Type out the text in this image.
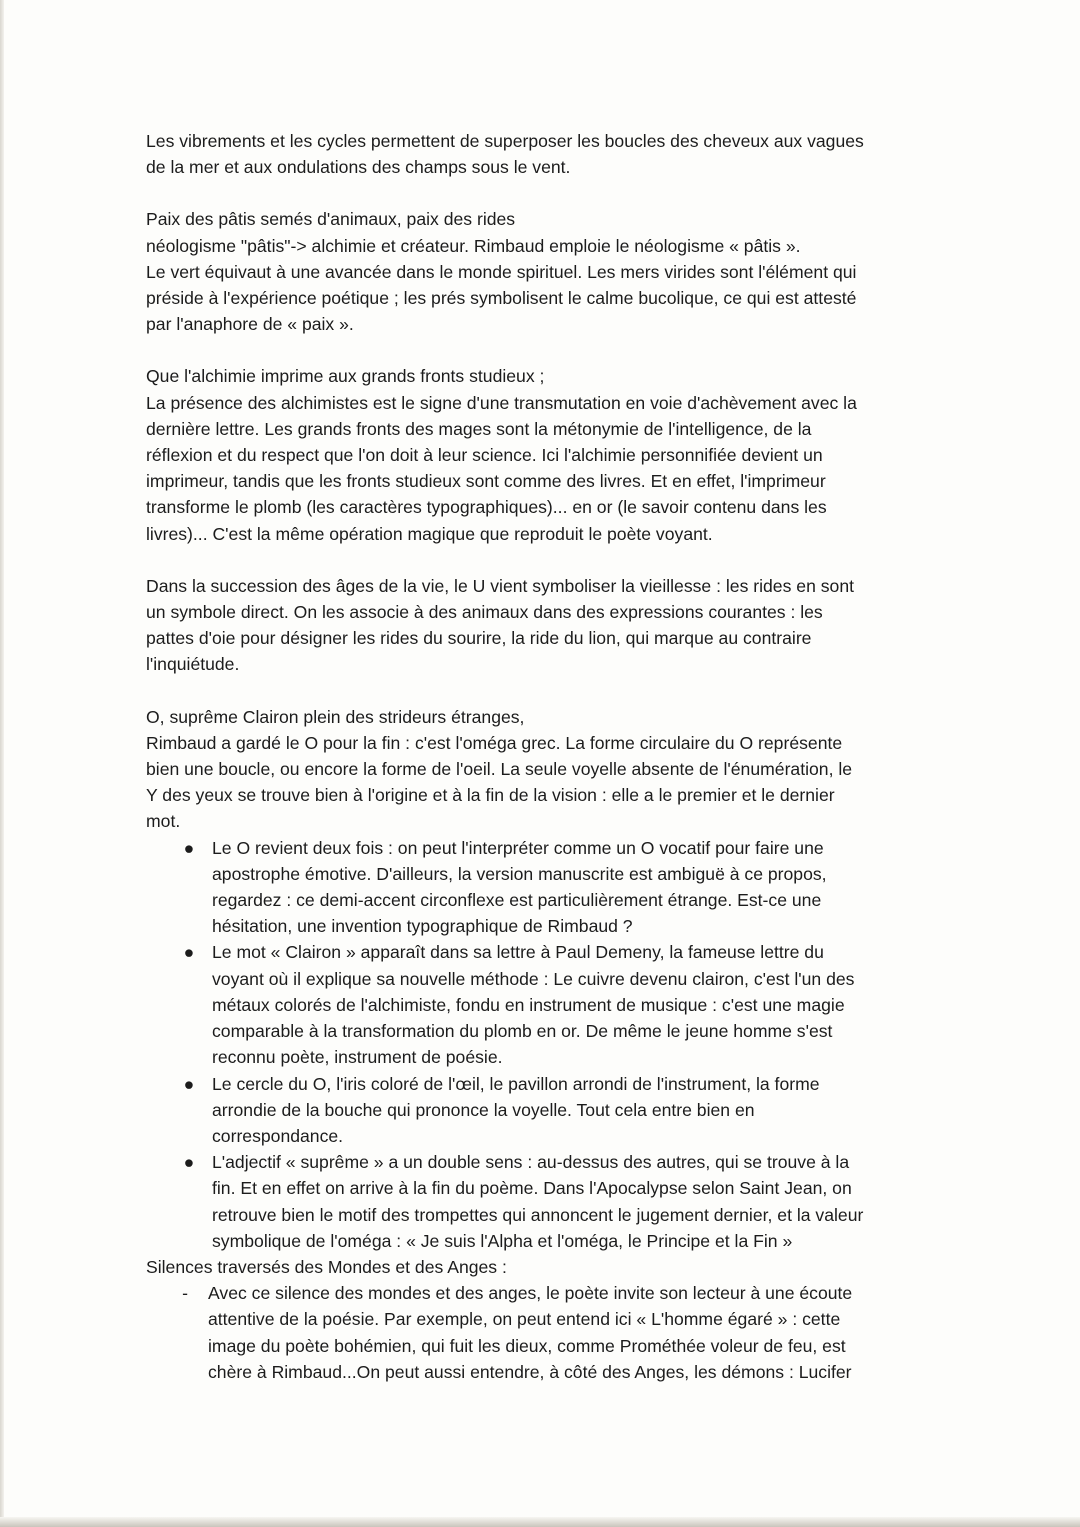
Les vibrements et les cycles permettent de superposer les boucles des cheveux aux vagues
de la mer et aux ondulations des champs sous le vent.
Paix des pâtis semés d'animaux, paix des rides
néologisme "pâtis"-> alchimie et créateur. Rimbaud emploie le néologisme « pâtis ».
Le vert équivaut à une avancée dans le monde spirituel. Les mers virides sont l'élément qui
préside à l'expérience poétique ; les prés symbolisent le calme bucolique, ce qui est attesté
par l'anaphore de « paix ».
Que l'alchimie imprime aux grands fronts studieux ;
La présence des alchimistes est le signe d'une transmutation en voie d'achèvement avec la
dernière lettre. Les grands fronts des mages sont la métonymie de l'intelligence, de la
réflexion et du respect que l'on doit à leur science. Ici l'alchimie personnifiée devient un
imprimeur, tandis que les fronts studieux sont comme des livres. Et en effet, l'imprimeur
transforme le plomb (les caractères typographiques)... en or (le savoir contenu dans les
livres)... C'est la même opération magique que reproduit le poète voyant.
Dans la succession des âges de la vie, le U vient symboliser la vieillesse : les rides en sont
un symbole direct. On les associe à des animaux dans des expressions courantes : les
pattes d'oie pour désigner les rides du sourire, la ride du lion, qui marque au contraire
l'inquiétude.
O, suprême Clairon plein des strideurs étranges,
Rimbaud a gardé le O pour la fin : c'est l'oméga grec. La forme circulaire du O représente
bien une boucle, ou encore la forme de l'oeil. La seule voyelle absente de l'énumération, le
Y des yeux se trouve bien à l'origine et à la fin de la vision : elle a le premier et le dernier
mot.
● Le O revient deux fois : on peut l'interpréter comme un O vocatif pour faire une
apostrophe émotive. D'ailleurs, la version manuscrite est ambiguë à ce propos,
regardez : ce demi-accent circonflexe est particulièrement étrange. Est-ce une
hésitation, une invention typographique de Rimbaud ?
● Le mot « Clairon » apparaît dans sa lettre à Paul Demeny, la fameuse lettre du
voyant où il explique sa nouvelle méthode : Le cuivre devenu clairon, c'est l'un des
métaux colorés de l'alchimiste, fondu en instrument de musique : c'est une magie
comparable à la transformation du plomb en or. De même le jeune homme s'est
reconnu poète, instrument de poésie.
● Le cercle du O, l'iris coloré de l'œil, le pavillon arrondi de l'instrument, la forme
arrondie de la bouche qui prononce la voyelle. Tout cela entre bien en
correspondance.
● L'adjectif « suprême » a un double sens : au-dessus des autres, qui se trouve à la
fin. Et en effet on arrive à la fin du poème. Dans l'Apocalypse selon Saint Jean, on
retrouve bien le motif des trompettes qui annoncent le jugement dernier, et la valeur
symbolique de l'oméga : « Je suis l'Alpha et l'oméga, le Principe et la Fin »
Silences traversés des Mondes et des Anges :
- Avec ce silence des mondes et des anges, le poète invite son lecteur à une écoute
attentive de la poésie. Par exemple, on peut entend ici « L'homme égaré » : cette
image du poète bohémien, qui fuit les dieux, comme Prométhée voleur de feu, est
chère à Rimbaud...On peut aussi entendre, à côté des Anges, les démons : Lucifer
